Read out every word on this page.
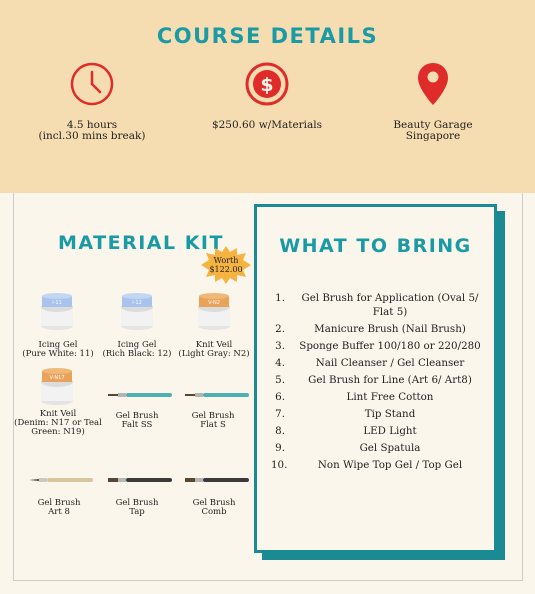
COURSE DETAILS
4.5 hours
(incl.30 mins break)
$
$250.60 w/Materials	Beauty Garage
Singapore
MATERIAL KIT
Worth
$122.00
i-11	i-12	V-N2
Icing Gel
(Pure White: 11)
Icing Gel
(Rich Black: 12)
Knit Veil
(Light Gray: N2)
V-N17
Knit Veil
(Denim: N17 or Teal Green: N19)
Gel Brush
Falt SS
Gel Brush
Flat S
Gel Brush
Art 8
Gel Brush
Tap
Gel Brush
Comb
WHAT TO BRING
1.	Gel Brush for Application (Oval 5/ Flat 5)
2.	Manicure Brush (Nail Brush)
3.	Sponge Buffer 100/180 or 220/280
4.	Nail Cleanser / Gel Cleanser
5.	Gel Brush for Line (Art 6/ Art8)
6.	Lint Free Cotton
7.	Tip Stand
8.	LED Light
9.	Gel Spatula
10.	Non Wipe Top Gel / Top Gel
